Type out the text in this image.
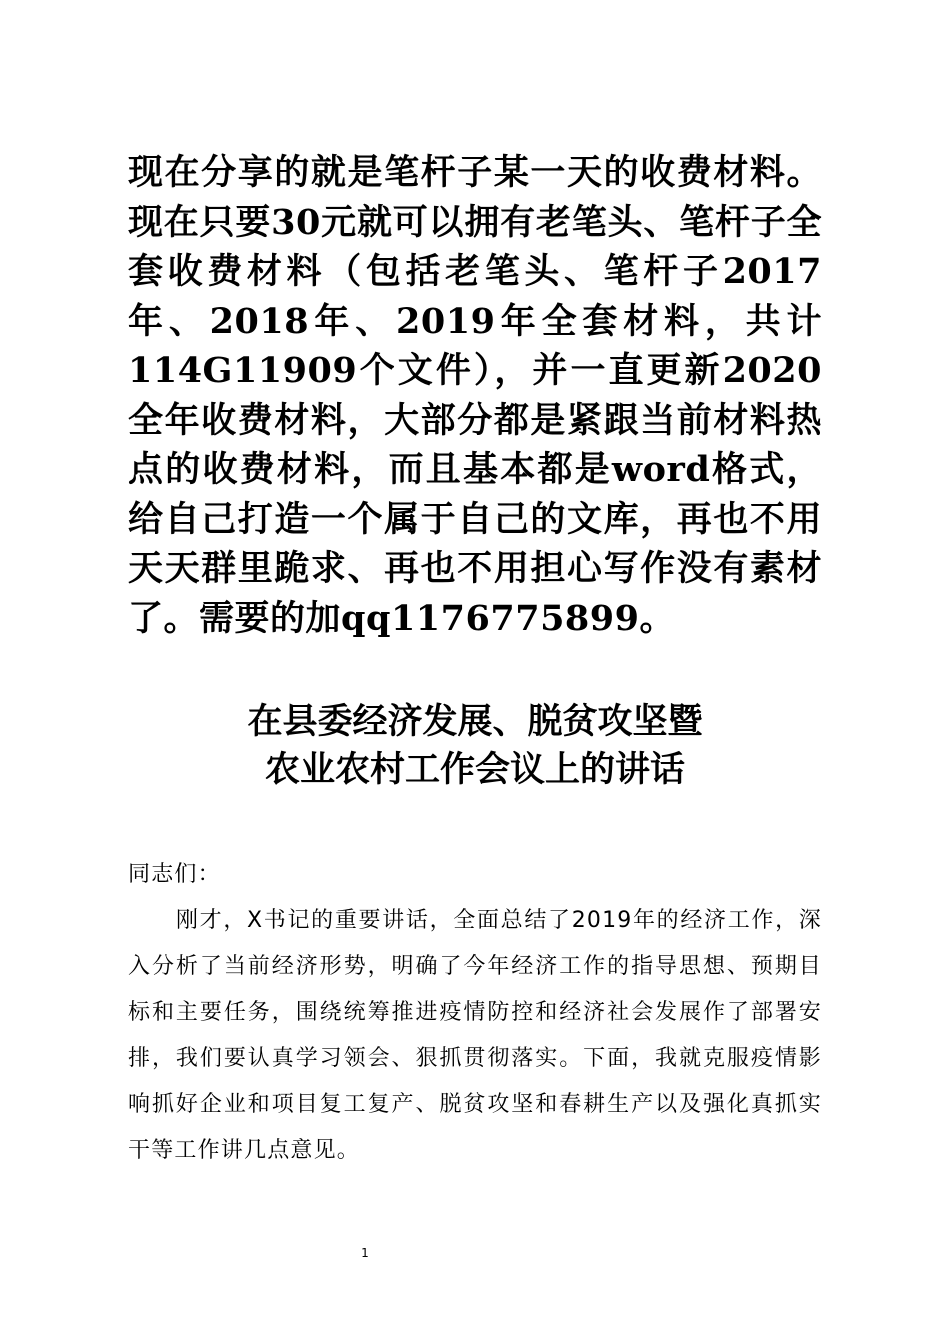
现在分享的就是笔杆子某一天的收费材料。现在只要30元就可以拥有老笔头、笔杆子全套收费材料（包括老笔头、笔杆子2017年、2018年、2019年全套材料，共计114G11909个文件），并一直更新2020全年收费材料，大部分都是紧跟当前材料热点的收费材料，而且基本都是word格式，给自己打造一个属于自己的文库，再也不用天天群里跪求、再也不用担心写作没有素材了。需要的加qq1176775899。
在县委经济发展、脱贫攻坚暨
农业农村工作会议上的讲话

同志们：

刚才，X书记的重要讲话，全面总结了2019年的经济工作，深入分析了当前经济形势，明确了今年经济工作的指导思想、预期目标和主要任务，围绕统筹推进疫情防控和经济社会发展作了部署安排，我们要认真学习领会、狠抓贯彻落实。下面，我就克服疫情影响抓好企业和项目复工复产、脱贫攻坚和春耕生产以及强化真抓实干等工作讲几点意见。

1
